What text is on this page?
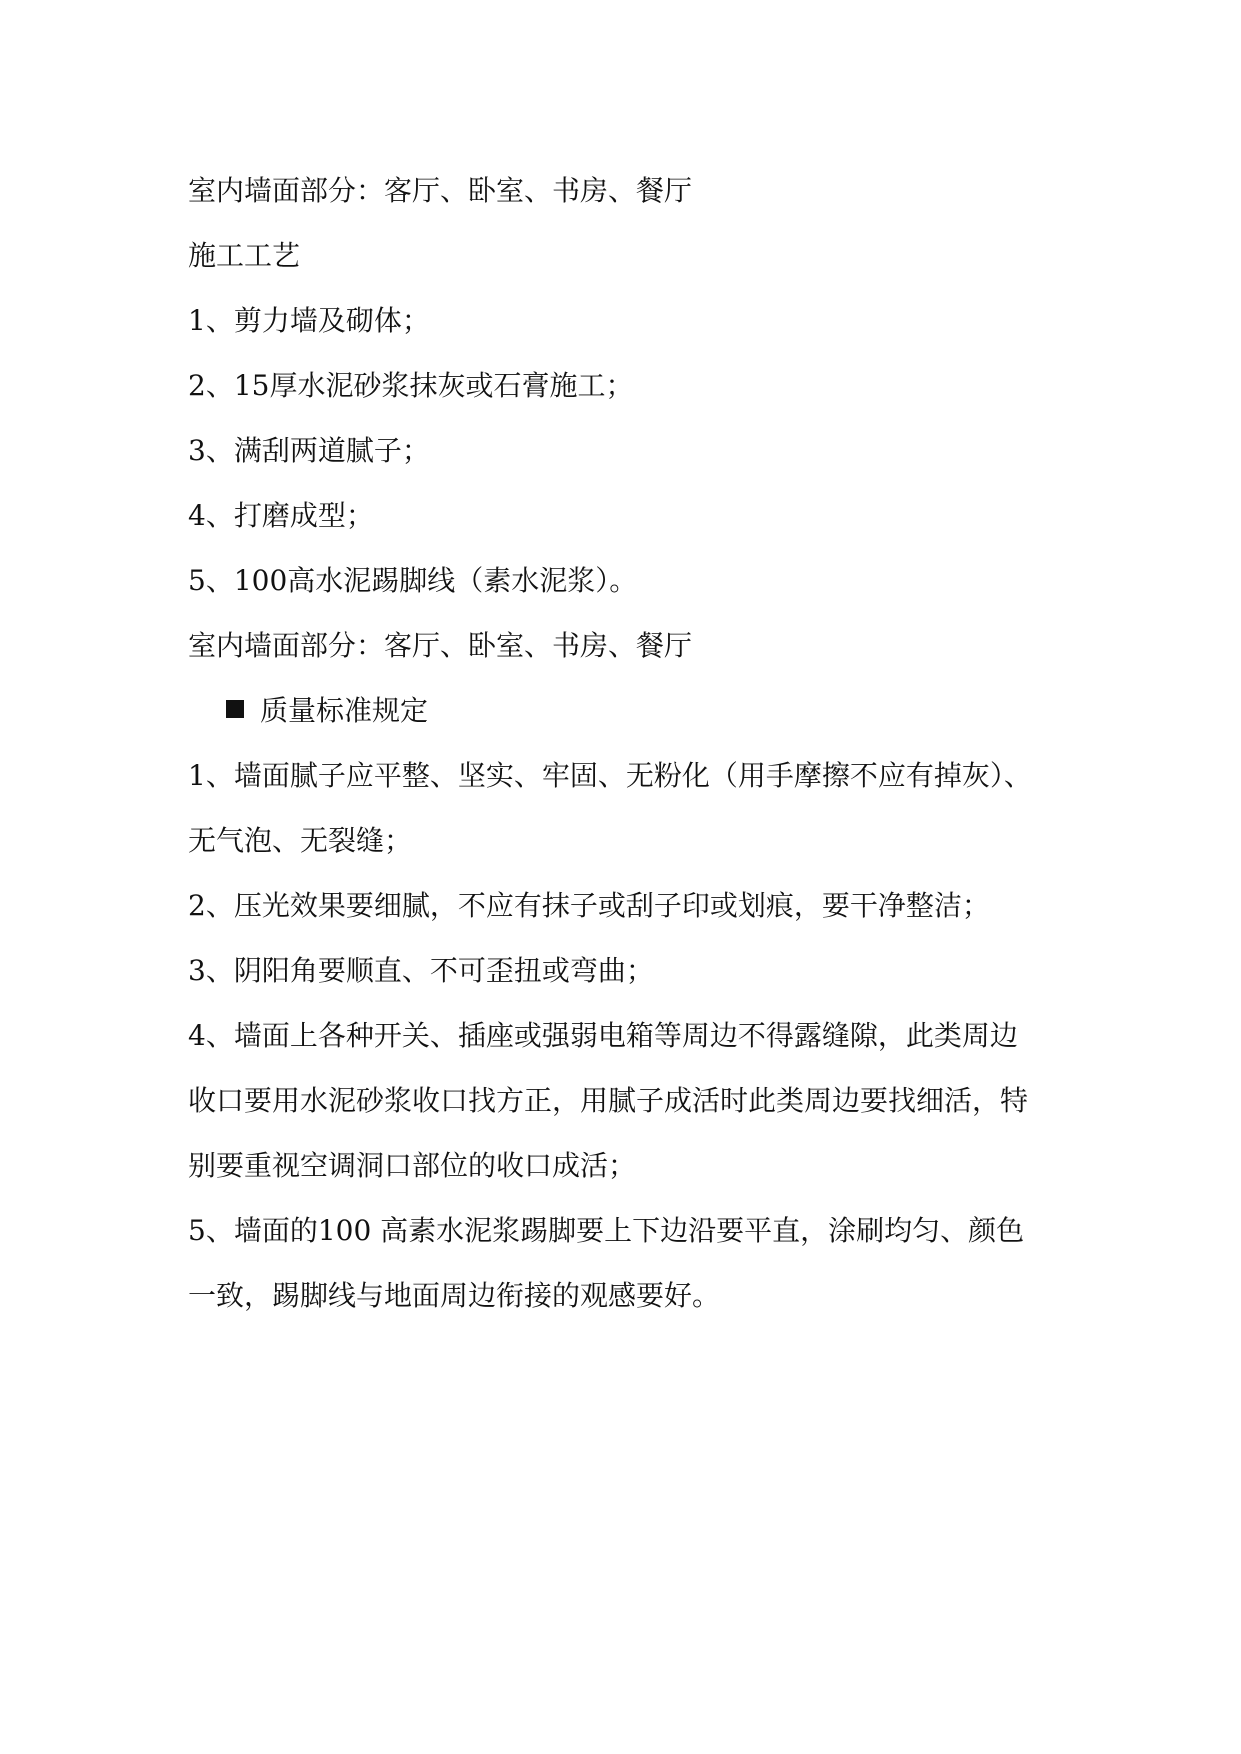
室内墙面部分：客厅、卧室、书房、餐厅

施工工艺

1、剪力墙及砌体；

2、15厚水泥砂浆抹灰或石膏施工；

3、满刮两道腻子；

4、打磨成型；

5、100高水泥踢脚线（素水泥浆）。

室内墙面部分：客厅、卧室、书房、餐厅

质量标准规定

1、墙面腻子应平整、坚实、牢固、无粉化（用手摩擦不应有掉灰）、

无气泡、无裂缝；

2、压光效果要细腻，不应有抹子或刮子印或划痕，要干净整洁；

3、阴阳角要顺直、不可歪扭或弯曲；

4、墙面上各种开关、插座或强弱电箱等周边不得露缝隙，此类周边

收口要用水泥砂浆收口找方正，用腻子成活时此类周边要找细活，特

别要重视空调洞口部位的收口成活；

5、墙面的100 高素水泥浆踢脚要上下边沿要平直，涂刷均匀、颜色

一致，踢脚线与地面周边衔接的观感要好。
